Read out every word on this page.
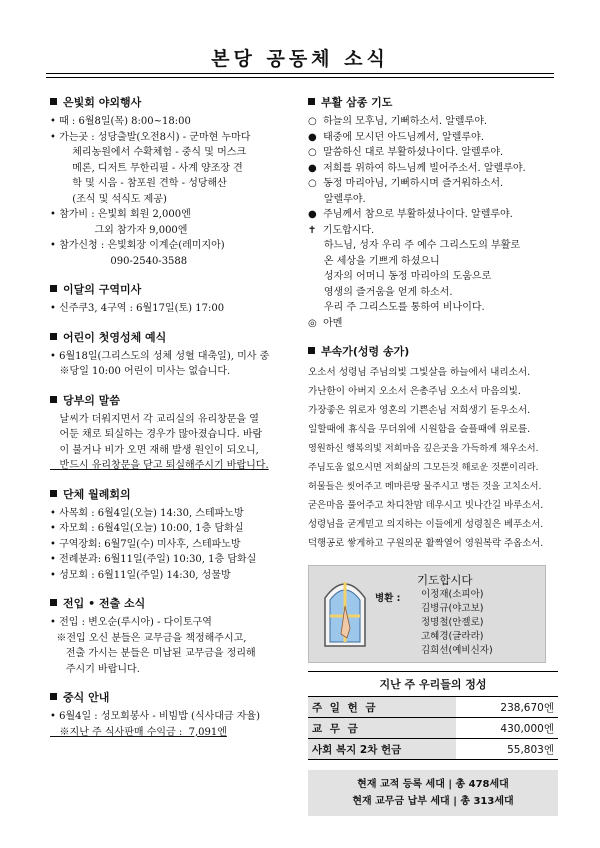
본당 공동체 소식
은빛회 야외행사
• 때 : 6월8일(목) 8:00~18:00
• 가는곳 : 성당출발(오전8시) - 군마현 누마다
체리농원에서 수확체험 - 중식 및 머스크
메론, 디저트 무한리필 - 사계 양조장 견
학 및 시음 - 참포원 견학 - 성당해산
(조식 및 석식도 제공)
• 참가비 : 은빛회 회원 2,000엔
그외 참가자 9,000엔
• 참가신청 : 은빛회장 이계순(레미지아)
090-2540-3588
이달의 구역미사
• 신주쿠3, 4구역 : 6월17일(토) 17:00
어린이 첫영성체 예식
• 6월18일(그리스도의 성체 성혈 대축일), 미사 중
※당일 10:00 어린이 미사는 없습니다.
당부의 말씀
날씨가 더워지면서 각 교리실의 유리창문을 열
어둔 채로 퇴실하는 경우가 많아졌습니다. 바람
이 불거나 비가 오면 재해 발생 원인이 되오니,
반드시 유리창문을 닫고 퇴실해주시기 바랍니다.
단체 월례회의
• 사목회 : 6월4일(오늘) 14:30, 스테파노방
• 자모회 : 6월4일(오늘) 10:00, 1층 담화실
• 구역장회: 6월7일(수) 미사후, 스테파노방
• 전례분과: 6월11일(주일) 10:30, 1층 담화실
• 성모회 : 6월11일(주일) 14:30, 성물방
전입 • 전출 소식
• 전입 : 변오순(루시아) - 다이토구역
※전입 오신 분들은 교무금을 책정해주시고,
전출 가시는 분들은 미납된 교무금을 정리해
주시기 바랍니다.
중식 안내
• 6월4일 : 성모회봉사 - 비빔밥 (식사대금 자율)
※지난 주 식사판매 수익금 :  7,091엔
부활 삼종 기도
○  하늘의 모후님, 기뻐하소서. 알렐루야.
●  태중에 모시던 아드님께서, 알렐루야.
○  말씀하신 대로 부활하셨나이다. 알렐루야.
●  저희를 위하여 하느님께 빌어주소서. 알렐루야.
○  동정 마리아님, 기뻐하시며 즐거워하소서.
알렐루야.
●  주님께서 참으로 부활하셨나이다. 알렐루야.
✝  기도합시다.
하느님, 성자 우리 주 예수 그리스도의 부활로
온 세상을 기쁘게 하셨으니
성자의 어머니 동정 마리아의 도움으로
영생의 즐거움을 얻게 하소서.
우리 주 그리스도를 통하여 비나이다.
◎  아멘
부속가(성령 송가)
오소서 성령님 주님의빛 그빛살을 하늘에서 내리소서.
가난한이 아버지 오소서 은총주님 오소서 마음의빛.
가장좋은 위로자 영혼의 기쁜손님 저희생기 돋우소서.
일할때에 휴식을 무더위에 시원함을 슬플때에 위로를.
영원하신 행복의빛 저희마음 깊은곳을 가득하게 채우소서.
주님도움 없으시면 저희삶의 그모든것 해로운 것뿐이리라.
허물들은 씻어주고 메마른땅 물주시고 병든 것을 고치소서.
굳은마음 풀어주고 차디찬맘 데우시고 빗나간길 바루소서.
성령님을 굳게믿고 의지하는 이들에게 성령칠은 베푸소서.
덕행공로 쌓게하고 구원의문 활짝열어 영원복락 주옵소서.
기도합시다
병환 : 이정재(소피아)
김병규(야고보)
정명철(안젤로)
고혜경(글라라)
김희선(예비신자)
지난 주 우리들의 정성
주 일 헌 금	238,670엔
교 무 금	430,000엔
사회 복지 2차 헌금	55,803엔
현재 교적 등록 세대 | 총 478세대
현재 교무금 납부 세대 | 총 313세대
